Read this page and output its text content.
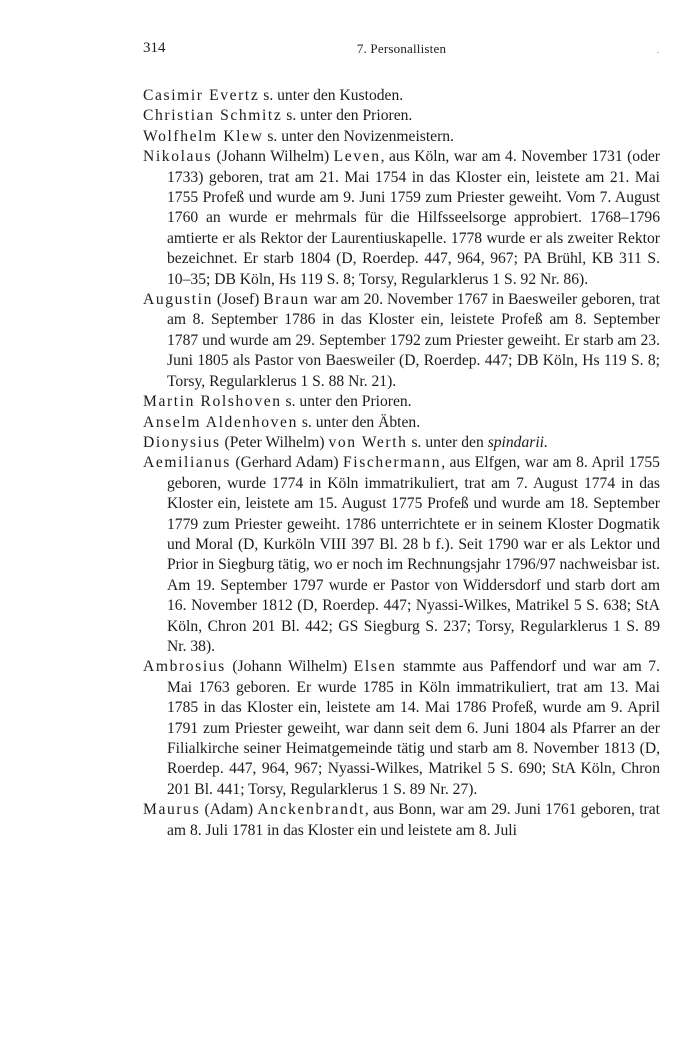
314	7. Personallisten

Casimir Evertz s. unter den Kustoden.

Christian Schmitz s. unter den Prioren.

Wolfhelm Klew s. unter den Novizenmeistern.

Nikolaus (Johann Wilhelm) Leven, aus Köln, war am 4. November 1731 (oder 1733) geboren, trat am 21. Mai 1754 in das Kloster ein, leistete am 21. Mai 1755 Profeß und wurde am 9. Juni 1759 zum Priester geweiht. Vom 7. August 1760 an wurde er mehrmals für die Hilfsseelsorge approbiert. 1768–1796 amtierte er als Rektor der Laurentiuskapelle. 1778 wurde er als zweiter Rektor bezeichnet. Er starb 1804 (D, Roerdep. 447, 964, 967; PA Brühl, KB 311 S. 10–35; DB Köln, Hs 119 S. 8; Torsy, Regularklerus 1 S. 92 Nr. 86).

Augustin (Josef) Braun war am 20. November 1767 in Baesweiler geboren, trat am 8. September 1786 in das Kloster ein, leistete Profeß am 8. September 1787 und wurde am 29. September 1792 zum Priester geweiht. Er starb am 23. Juni 1805 als Pastor von Baesweiler (D, Roerdep. 447; DB Köln, Hs 119 S. 8; Torsy, Regularklerus 1 S. 88 Nr. 21).

Martin Rolshoven s. unter den Prioren.

Anselm Aldenhoven s. unter den Äbten.

Dionysius (Peter Wilhelm) von Werth s. unter den spindarii.

Aemilianus (Gerhard Adam) Fischermann, aus Elfgen, war am 8. April 1755 geboren, wurde 1774 in Köln immatrikuliert, trat am 7. August 1774 in das Kloster ein, leistete am 15. August 1775 Profeß und wurde am 18. September 1779 zum Priester geweiht. 1786 unterrichtete er in seinem Kloster Dogmatik und Moral (D, Kurköln VIII 397 Bl. 28 b f.). Seit 1790 war er als Lektor und Prior in Siegburg tätig, wo er noch im Rechnungsjahr 1796/97 nachweisbar ist. Am 19. September 1797 wurde er Pastor von Widdersdorf und starb dort am 16. November 1812 (D, Roerdep. 447; Nyassi-Wilkes, Matrikel 5 S. 638; StA Köln, Chron 201 Bl. 442; GS Siegburg S. 237; Torsy, Regularklerus 1 S. 89 Nr. 38).

Ambrosius (Johann Wilhelm) Elsen stammte aus Paffendorf und war am 7. Mai 1763 geboren. Er wurde 1785 in Köln immatrikuliert, trat am 13. Mai 1785 in das Kloster ein, leistete am 14. Mai 1786 Profeß, wurde am 9. April 1791 zum Priester geweiht, war dann seit dem 6. Juni 1804 als Pfarrer an der Filialkirche seiner Heimatgemeinde tätig und starb am 8. November 1813 (D, Roerdep. 447, 964, 967; Nyassi-Wilkes, Matrikel 5 S. 690; StA Köln, Chron 201 Bl. 441; Torsy, Regularklerus 1 S. 89 Nr. 27).

Maurus (Adam) Anckenbrandt, aus Bonn, war am 29. Juni 1761 geboren, trat am 8. Juli 1781 in das Kloster ein und leistete am 8. Juli
